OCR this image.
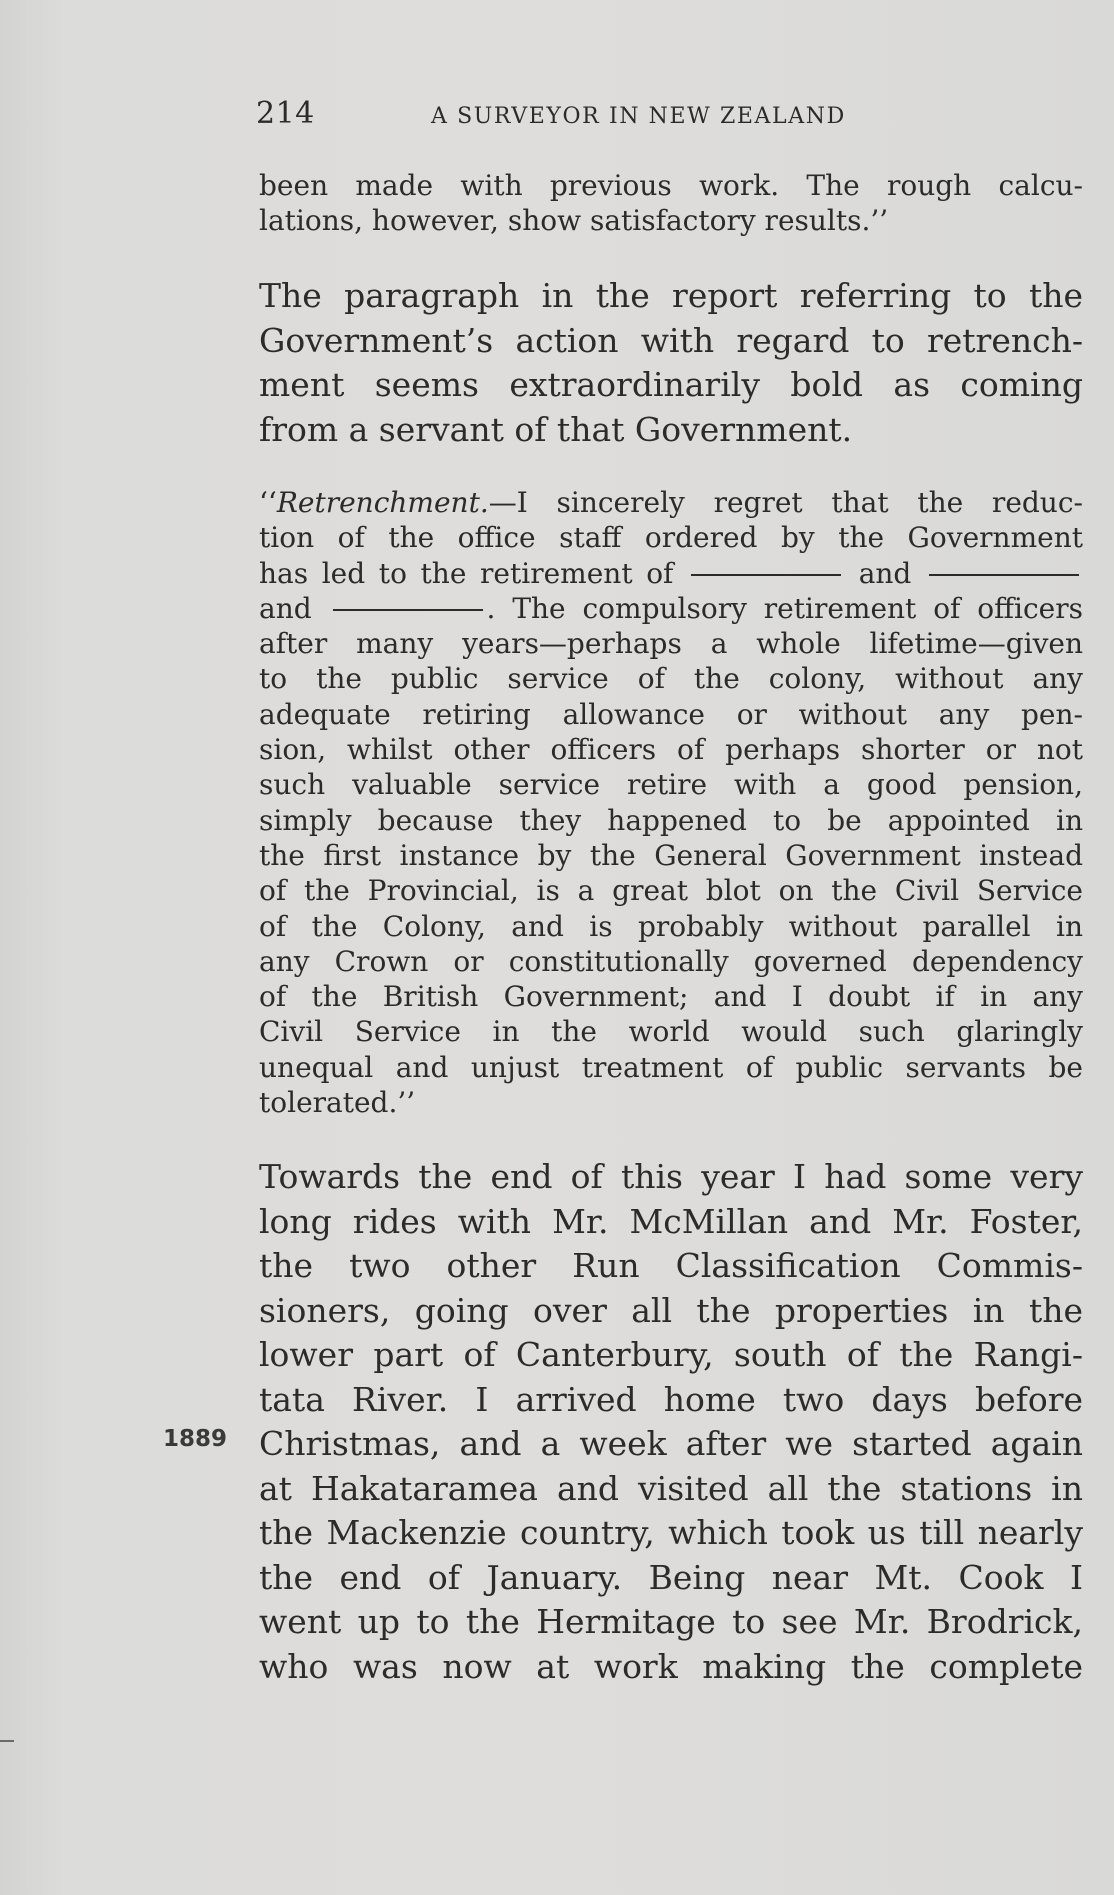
214	A SURVEYOR IN NEW ZEALAND
been made with previous work. The rough calcu-
lations, however, show satisfactory results.’’
The paragraph in the report referring to the
Government’s action with regard to retrench-
ment seems extraordinarily bold as coming
from a servant of that Government.
‘‘Retrenchment.—I sincerely regret that the reduc-
tion of the office staff ordered by the Government
has led to the retirement of	and
and	. The compulsory retirement of officers
after many years—perhaps a whole lifetime—given
to the public service of the colony, without any
adequate retiring allowance or without any pen-
sion, whilst other officers of perhaps shorter or not
such valuable service retire with a good pension,
simply because they happened to be appointed in
the first instance by the General Government instead
of the Provincial, is a great blot on the Civil Service
of the Colony, and is probably without parallel in
any Crown or constitutionally governed dependency
of the British Government; and I doubt if in any
Civil Service in the world would such glaringly
unequal and unjust treatment of public servants be
tolerated.’’
Towards the end of this year I had some very
long rides with Mr. McMillan and Mr. Foster,
the two other Run Classification Commis-
sioners, going over all the properties in the
lower part of Canterbury, south of the Rangi-
tata River. I arrived home two days before
Christmas, and a week after we started again
at Hakataramea and visited all the stations in
the Mackenzie country, which took us till nearly
the end of January. Being near Mt. Cook I
went up to the Hermitage to see Mr. Brodrick,
who was now at work making the complete
1889
